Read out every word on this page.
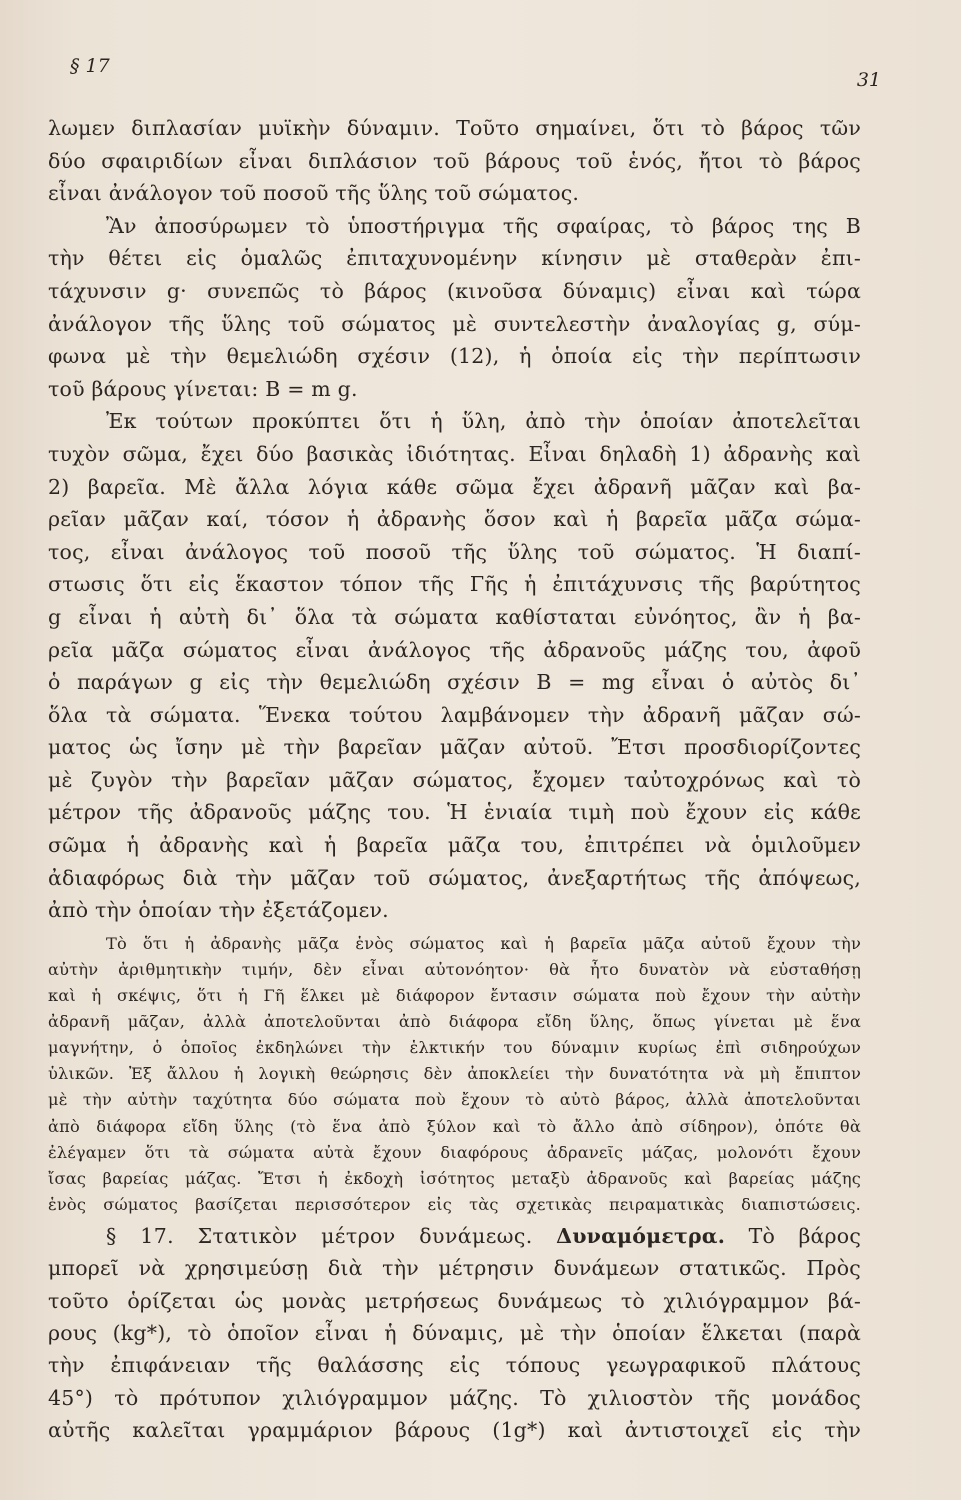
§ 17
31
λωμεν διπλασίαν μυϊκὴν δύναμιν. Τοῦτο σημαίνει, ὅτι τὸ βάρος τῶν
δύο σφαιριδίων εἶναι διπλάσιον τοῦ βάρους τοῦ ἑνός, ἤτοι τὸ βάρος
εἶναι ἀνάλογον τοῦ ποσοῦ τῆς ὕλης τοῦ σώματος.
Ἂν ἀποσύρωμεν τὸ ὑποστήριγμα τῆς σφαίρας, τὸ βάρος της B
τὴν θέτει εἰς ὁμαλῶς ἐπιταχυνομένην κίνησιν μὲ σταθερὰν ἐπι-
τάχυνσιν g· συνεπῶς τὸ βάρος (κινοῦσα δύναμις) εἶναι καὶ τώρα
ἀνάλογον τῆς ὕλης τοῦ σώματος μὲ συντελεστὴν ἀναλογίας g, σύμ-
φωνα μὲ τὴν θεμελιώδη σχέσιν (12), ἡ ὁποία εἰς τὴν περίπτωσιν
τοῦ βάρους γίνεται: B = m g.
Ἐκ τούτων προκύπτει ὅτι ἡ ὕλη, ἀπὸ τὴν ὁποίαν ἀποτελεῖται
τυχὸν σῶμα, ἔχει δύο βασικὰς ἰδιότητας. Εἶναι δηλαδὴ 1) ἀδρανὴς καὶ
2) βαρεῖα. Μὲ ἄλλα λόγια κάθε σῶμα ἔχει ἀδρανῆ μᾶζαν καὶ βα-
ρεῖαν μᾶζαν καί, τόσον ἡ ἀδρανὴς ὅσον καὶ ἡ βαρεῖα μᾶζα σώμα-
τος, εἶναι ἀνάλογος τοῦ ποσοῦ τῆς ὕλης τοῦ σώματος. Ἡ διαπί-
στωσις ὅτι εἰς ἕκαστον τόπον τῆς Γῆς ἡ ἐπιτάχυνσις τῆς βαρύτητος
g εἶναι ἡ αὐτὴ δι᾽ ὅλα τὰ σώματα καθίσταται εὐνόητος, ἂν ἡ βα-
ρεῖα μᾶζα σώματος εἶναι ἀνάλογος τῆς ἀδρανοῦς μάζης του, ἀφοῦ
ὁ παράγων g εἰς τὴν θεμελιώδη σχέσιν B = mg εἶναι ὁ αὐτὸς δι᾽
ὅλα τὰ σώματα. Ἕνεκα τούτου λαμβάνομεν τὴν ἀδρανῆ μᾶζαν σώ-
ματος ὡς ἴσην μὲ τὴν βαρεῖαν μᾶζαν αὐτοῦ. Ἔτσι προσδιορίζοντες
μὲ ζυγὸν τὴν βαρεῖαν μᾶζαν σώματος, ἔχομεν ταὐτοχρόνως καὶ τὸ
μέτρον τῆς ἀδρανοῦς μάζης του. Ἡ ἑνιαία τιμὴ ποὺ ἔχουν εἰς κάθε
σῶμα ἡ ἀδρανὴς καὶ ἡ βαρεῖα μᾶζα του, ἐπιτρέπει νὰ ὁμιλοῦμεν
ἀδιαφόρως διὰ τὴν μᾶζαν τοῦ σώματος, ἀνεξαρτήτως τῆς ἀπόψεως,
ἀπὸ τὴν ὁποίαν τὴν ἐξετάζομεν.
Τὸ ὅτι ἡ ἀδρανὴς μᾶζα ἑνὸς σώματος καὶ ἡ βαρεῖα μᾶζα αὐτοῦ ἔχουν τὴν
αὐτὴν ἀριθμητικὴν τιμήν, δὲν εἶναι αὐτονόητον· θὰ ἦτο δυνατὸν νὰ εὐσταθήσῃ
καὶ ἡ σκέψις, ὅτι ἡ Γῆ ἕλκει μὲ διάφορον ἔντασιν σώματα ποὺ ἔχουν τὴν αὐτὴν
ἀδρανῆ μᾶζαν, ἀλλὰ ἀποτελοῦνται ἀπὸ διάφορα εἴδη ὕλης, ὅπως γίνεται μὲ ἕνα
μαγνήτην, ὁ ὁποῖος ἐκδηλώνει τὴν ἑλκτικήν του δύναμιν κυρίως ἐπὶ σιδηρούχων
ὑλικῶν. Ἐξ ἄλλου ἡ λογικὴ θεώρησις δὲν ἀποκλείει τὴν δυνατότητα νὰ μὴ ἔπιπτον
μὲ τὴν αὐτὴν ταχύτητα δύο σώματα ποὺ ἔχουν τὸ αὐτὸ βάρος, ἀλλὰ ἀποτελοῦνται
ἀπὸ διάφορα εἴδη ὕλης (τὸ ἕνα ἀπὸ ξύλον καὶ τὸ ἄλλο ἀπὸ σίδηρον), ὁπότε θὰ
ἐλέγαμεν ὅτι τὰ σώματα αὐτὰ ἔχουν διαφόρους ἀδρανεῖς μάζας, μολονότι ἔχουν
ἴσας βαρείας μάζας. Ἔτσι ἡ ἐκδοχὴ ἰσότητος μεταξὺ ἀδρανοῦς καὶ βαρείας μάζης
ἑνὸς σώματος βασίζεται περισσότερον εἰς τὰς σχετικὰς πειραματικὰς διαπιστώσεις.
§ 17. Στατικὸν μέτρον δυνάμεως. Δυναμόμετρα. Τὸ βάρος
μπορεῖ νὰ χρησιμεύσῃ διὰ τὴν μέτρησιν δυνάμεων στατικῶς. Πρὸς
τοῦτο ὁρίζεται ὡς μονὰς μετρήσεως δυνάμεως τὸ χιλιόγραμμον βά-
ρους (kg*), τὸ ὁποῖον εἶναι ἡ δύναμις, μὲ τὴν ὁποίαν ἕλκεται (παρὰ
τὴν ἐπιφάνειαν τῆς θαλάσσης εἰς τόπους γεωγραφικοῦ πλάτους
45°) τὸ πρότυπον χιλιόγραμμον μάζης. Τὸ χιλιοστὸν τῆς μονάδος
αὐτῆς καλεῖται γραμμάριον βάρους (1g*) καὶ ἀντιστοιχεῖ εἰς τὴν
